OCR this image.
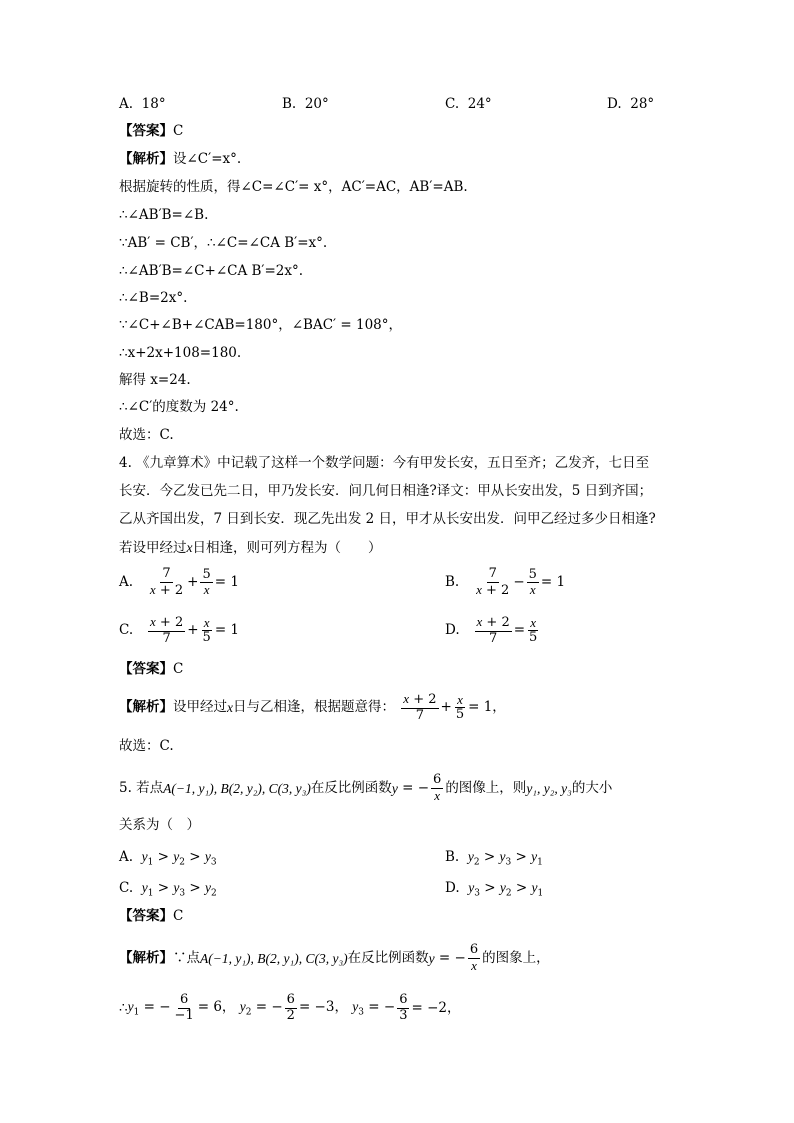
A. 18°	B. 20°	C. 24°	D. 28°
【答案】C
【解析】设∠C′=x°.
根据旋转的性质，得∠C=∠C′= x°，AC′=AC，AB′=AB.
∴∠AB′B=∠B.
∵AB′ = CB′，∴∠C=∠CA B′=x°.
∴∠AB′B=∠C+∠CA B′=2x°.
∴∠B=2x°.
∵∠C+∠B+∠CAB=180°，∠BAC′ = 108°，
∴x+2x+108=180.
解得 x=24.
∴∠C′的度数为 24°.
故选：C.
4. 《九章算术》中记载了这样一个数学问题：今有甲发长安，五日至齐；乙发齐，七日至
长安．今乙发已先二日，甲乃发长安．问几何日相逢?译文：甲从长安出发，5 日到齐国；
乙从齐国出发，7 日到长安．现乙先出发 2 日，甲才从长安出发．问甲乙经过多少日相逢?
若设甲经过x日相逢，则可列方程为（　　）
A. $\frac{7}{x + 2} + \frac{5}{x} = 1$	B. $\frac{7}{x + 2} - \frac{5}{x} = 1$
C. $\frac{x + 2}{7} + \frac{x}{5} = 1$	D. $\frac{x + 2}{7} = \frac{x}{5}$
【答案】C
【解析】设甲经过x日与乙相逢，根据题意得： $\frac{x + 2}{7} + \frac{x}{5} = 1$，
故选：C.
5. 若点A(−1, y₁), B(2, y₂), C(3, y₃)在反比例函数y = − $\frac{6}{x}$ 的图像上，则y₁, y₂, y₃的大小
关系为（　）
A. $y_1 > y_2 > y_3$	B. $y_2 > y_3 > y_1$
C. $y_1 > y_3 > y_2$	D. $y_3 > y_2 > y_1$
【答案】C
【解析】∵点A(−1, y₁), B(2, y₁), C(3, y₃)在反比例函数y = − $\frac{6}{x}$ 的图象上，
$\therefore y_1$ = − $\frac{6}{-1} = 6$， $y_2$ = − $\frac{6}{2} = -3$， $y_3$ = − $\frac{6}{3} = -2$，
